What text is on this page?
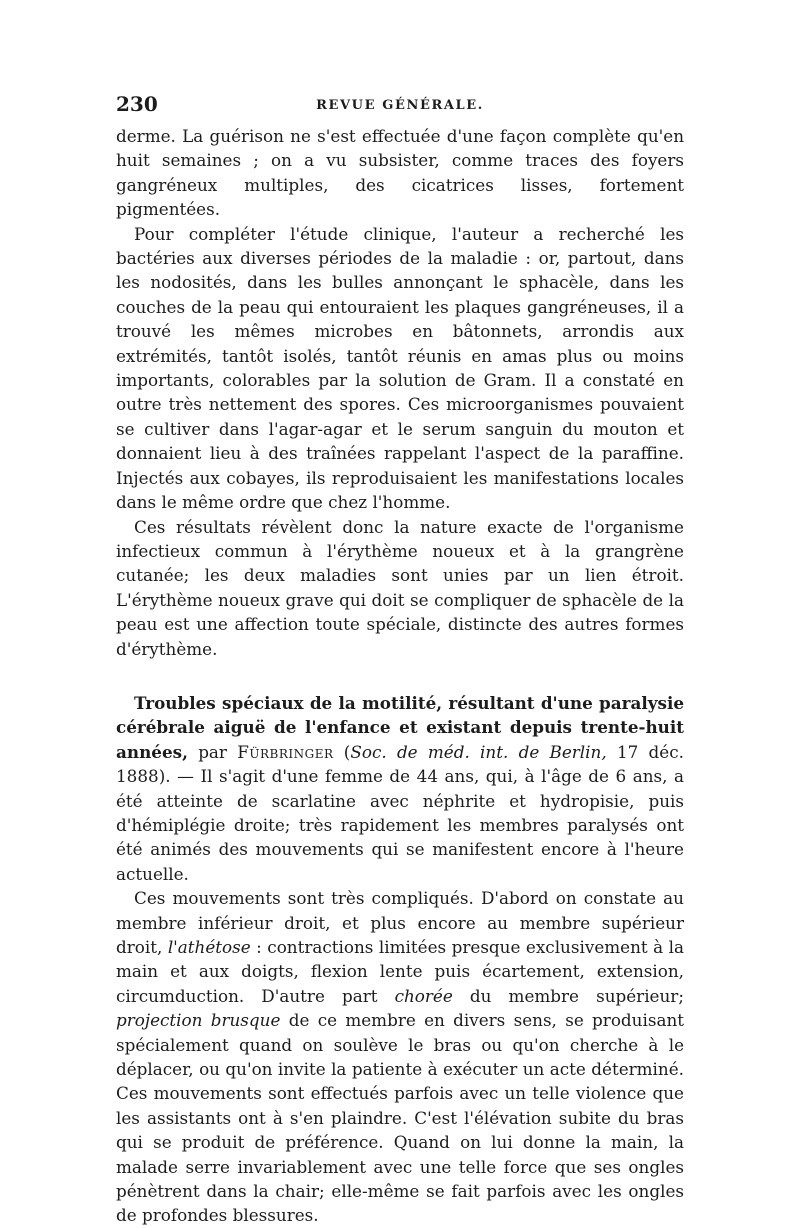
230	REVUE GÉNÉRALE.

derme. La guérison ne s'est effectuée d'une façon complète qu'en huit semaines ; on a vu subsister, comme traces des foyers gangréneux multiples, des cicatrices lisses, fortement pigmentées.

Pour compléter l'étude clinique, l'auteur a recherché les bactéries aux diverses périodes de la maladie : or, partout, dans les nodosités, dans les bulles annonçant le sphacèle, dans les couches de la peau qui entouraient les plaques gangréneuses, il a trouvé les mêmes microbes en bâtonnets, arrondis aux extrémités, tantôt isolés, tantôt réunis en amas plus ou moins importants, colorables par la solution de Gram. Il a constaté en outre très nettement des spores. Ces microorganismes pouvaient se cultiver dans l'agar-agar et le serum sanguin du mouton et donnaient lieu à des traînées rappelant l'aspect de la paraffine. Injectés aux cobayes, ils reproduisaient les manifestations locales dans le même ordre que chez l'homme.

Ces résultats révèlent donc la nature exacte de l'organisme infectieux commun à l'érythème noueux et à la grangrène cutanée; les deux maladies sont unies par un lien étroit. L'érythème noueux grave qui doit se compliquer de sphacèle de la peau est une affection toute spéciale, distincte des autres formes d'érythème.

Troubles spéciaux de la motilité, résultant d'une paralysie cérébrale aiguë de l'enfance et existant depuis trente-huit années, par Fürbringer (Soc. de méd. int. de Berlin, 17 déc. 1888). — Il s'agit d'une femme de 44 ans, qui, à l'âge de 6 ans, a été atteinte de scarlatine avec néphrite et hydropisie, puis d'hémiplégie droite; très rapidement les membres paralysés ont été animés des mouvements qui se manifestent encore à l'heure actuelle.

Ces mouvements sont très compliqués. D'abord on constate au membre inférieur droit, et plus encore au membre supérieur droit, l'athétose : contractions limitées presque exclusivement à la main et aux doigts, flexion lente puis écartement, extension, circumduction. D'autre part chorée du membre supérieur; projection brusque de ce membre en divers sens, se produisant spécialement quand on soulève le bras ou qu'on cherche à le déplacer, ou qu'on invite la patiente à exécuter un acte déterminé. Ces mouvements sont effectués parfois avec un telle violence que les assistants ont à s'en plaindre. C'est l'élévation subite du bras qui se produit de préférence. Quand on lui donne la main, la malade serre invariablement avec une telle force que ses ongles pénètrent dans la chair; elle-même se fait parfois avec les ongles de profondes blessures.
